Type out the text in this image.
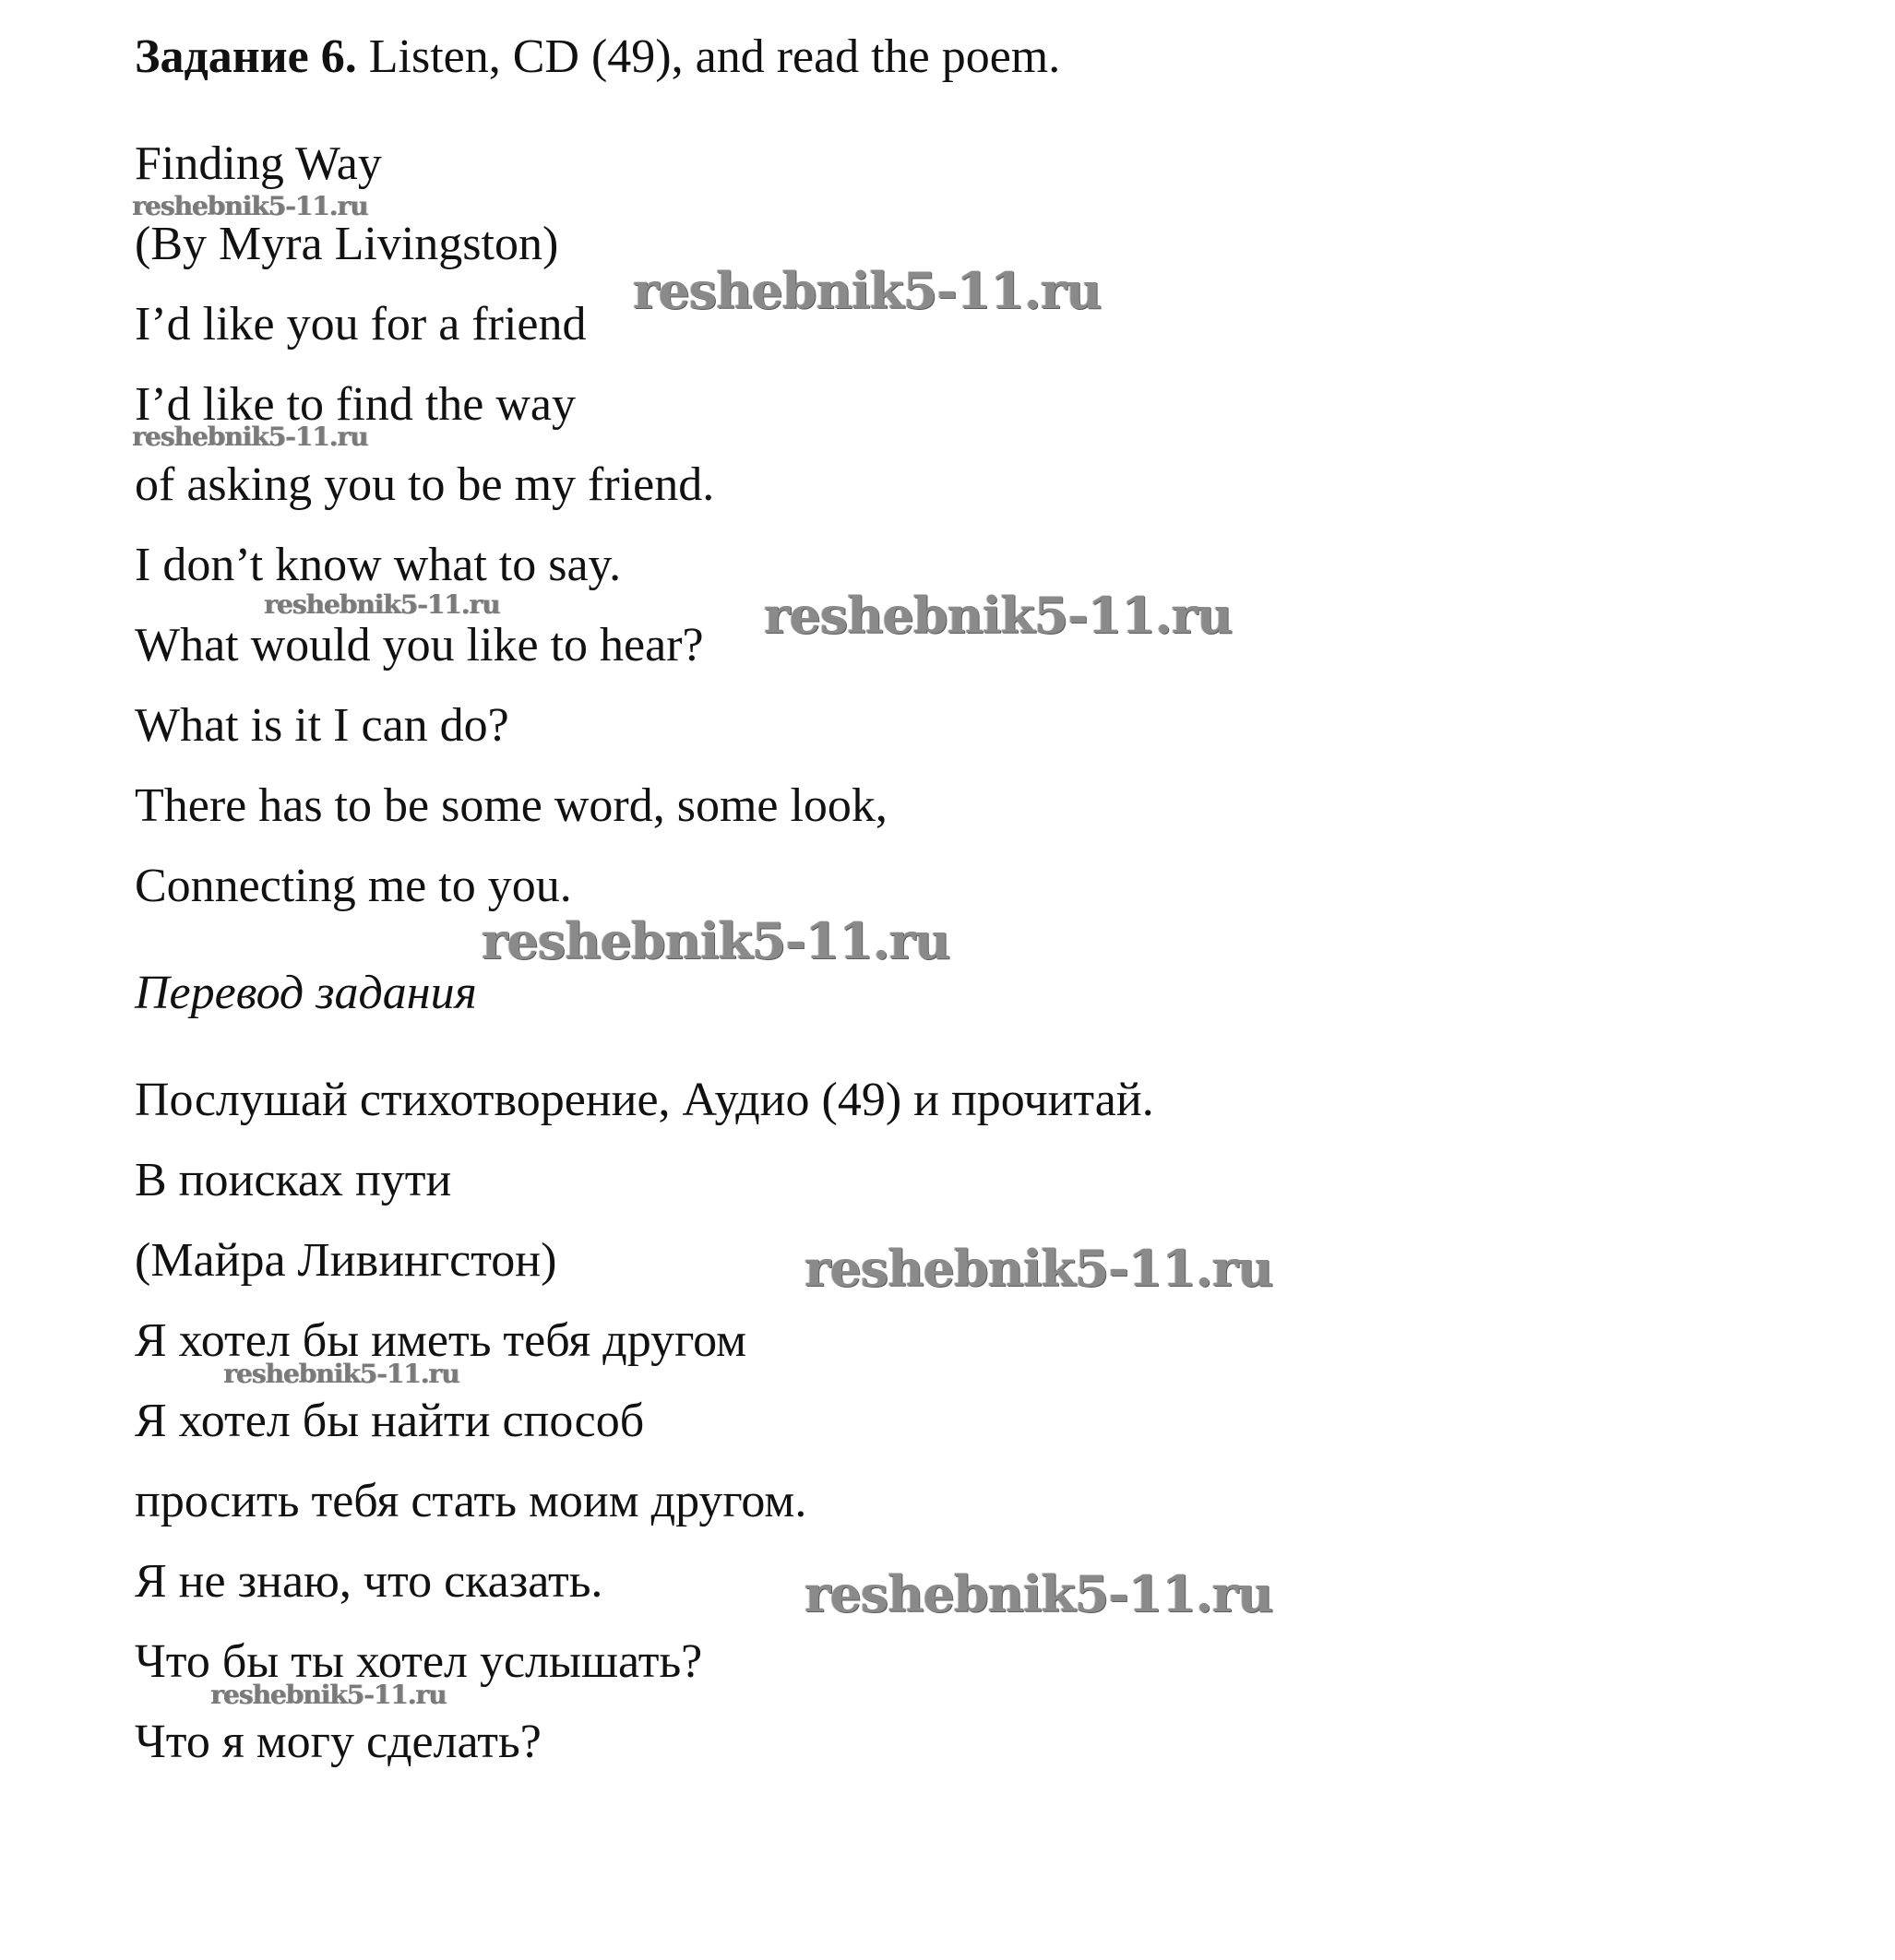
Задание 6. Listen, CD (49), and read the poem.
Finding Way
(By Myra Livingston)
I’d like you for a friend
I’d like to find the way
of asking you to be my friend.
I don’t know what to say.
What would you like to hear?
What is it I can do?
There has to be some word, some look,
Connecting me to you.
Перевод задания
Послушай стихотворение, Аудио (49) и прочитай.
В поисках пути
(Майра Ливингстон)
Я хотел бы иметь тебя другом
Я хотел бы найти способ
просить тебя стать моим другом.
Я не знаю, что сказать.
Что бы ты хотел услышать?
Что я могу сделать?
reshebnik5-11.ru
reshebnik5-11.ru
reshebnik5-11.ru
reshebnik5-11.ru	reshebnik5-11.ru
reshebnik5-11.ru
reshebnik5-11.ru
reshebnik5-11.ru
reshebnik5-11.ru
reshebnik5-11.ru
